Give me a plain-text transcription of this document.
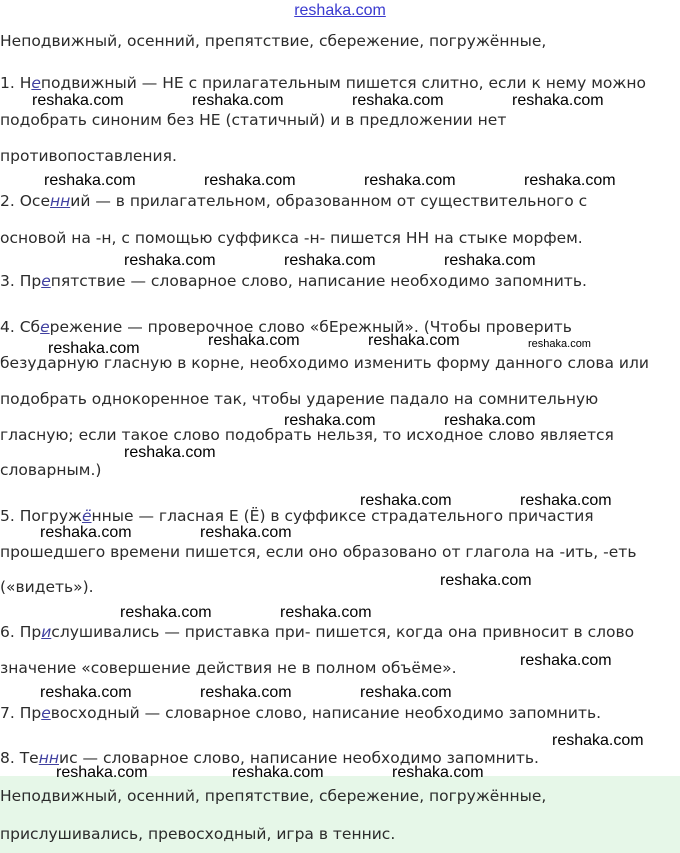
reshaka.com
Неподвижный, осенний, препятствие, сбережение, погружённые,
1. Неподвижный — НЕ с прилагательным пишется слитно, если к нему можно
подобрать синоним без НЕ (статичный) и в предложении нет
противопоставления.
2. Осенний — в прилагательном, образованном от существительного с
основой на -н, с помощью суффикса -н- пишется НН на стыке морфем.
3. Препятствие — словарное слово, написание необходимо запомнить.
4. Сбережение — проверочное слово «бЕрежный». (Чтобы проверить
безударную гласную в корне, необходимо изменить форму данного слова или
подобрать однокоренное так, чтобы ударение падало на сомнительную
гласную; если такое слово подобрать нельзя, то исходное слово является
словарным.)
5. Погружённые — гласная Е (Ё) в суффиксе страдательного причастия
прошедшего времени пишется, если оно образовано от глагола на -ить, -еть
(«видеть»).
6. Прислушивались — приставка при- пишется, когда она привносит в слово
значение «совершение действия не в полном объёме».
7. Превосходный — словарное слово, написание необходимо запомнить.
8. Теннис — словарное слово, написание необходимо запомнить.
Неподвижный, осенний, препятствие, сбережение, погружённые,
прислушивались, превосходный, игра в теннис.
reshaka.com	reshaka.com	reshaka.com	reshaka.com
reshaka.com	reshaka.com	reshaka.com	reshaka.com
reshaka.com	reshaka.com	reshaka.com
reshaka.com	reshaka.com	reshaka.com
reshaka.com
reshaka.com	reshaka.com
reshaka.com
reshaka.com	reshaka.com
reshaka.com	reshaka.com
reshaka.com
reshaka.com	reshaka.com
reshaka.com
reshaka.com	reshaka.com	reshaka.com
reshaka.com
reshaka.com	reshaka.com	reshaka.com
